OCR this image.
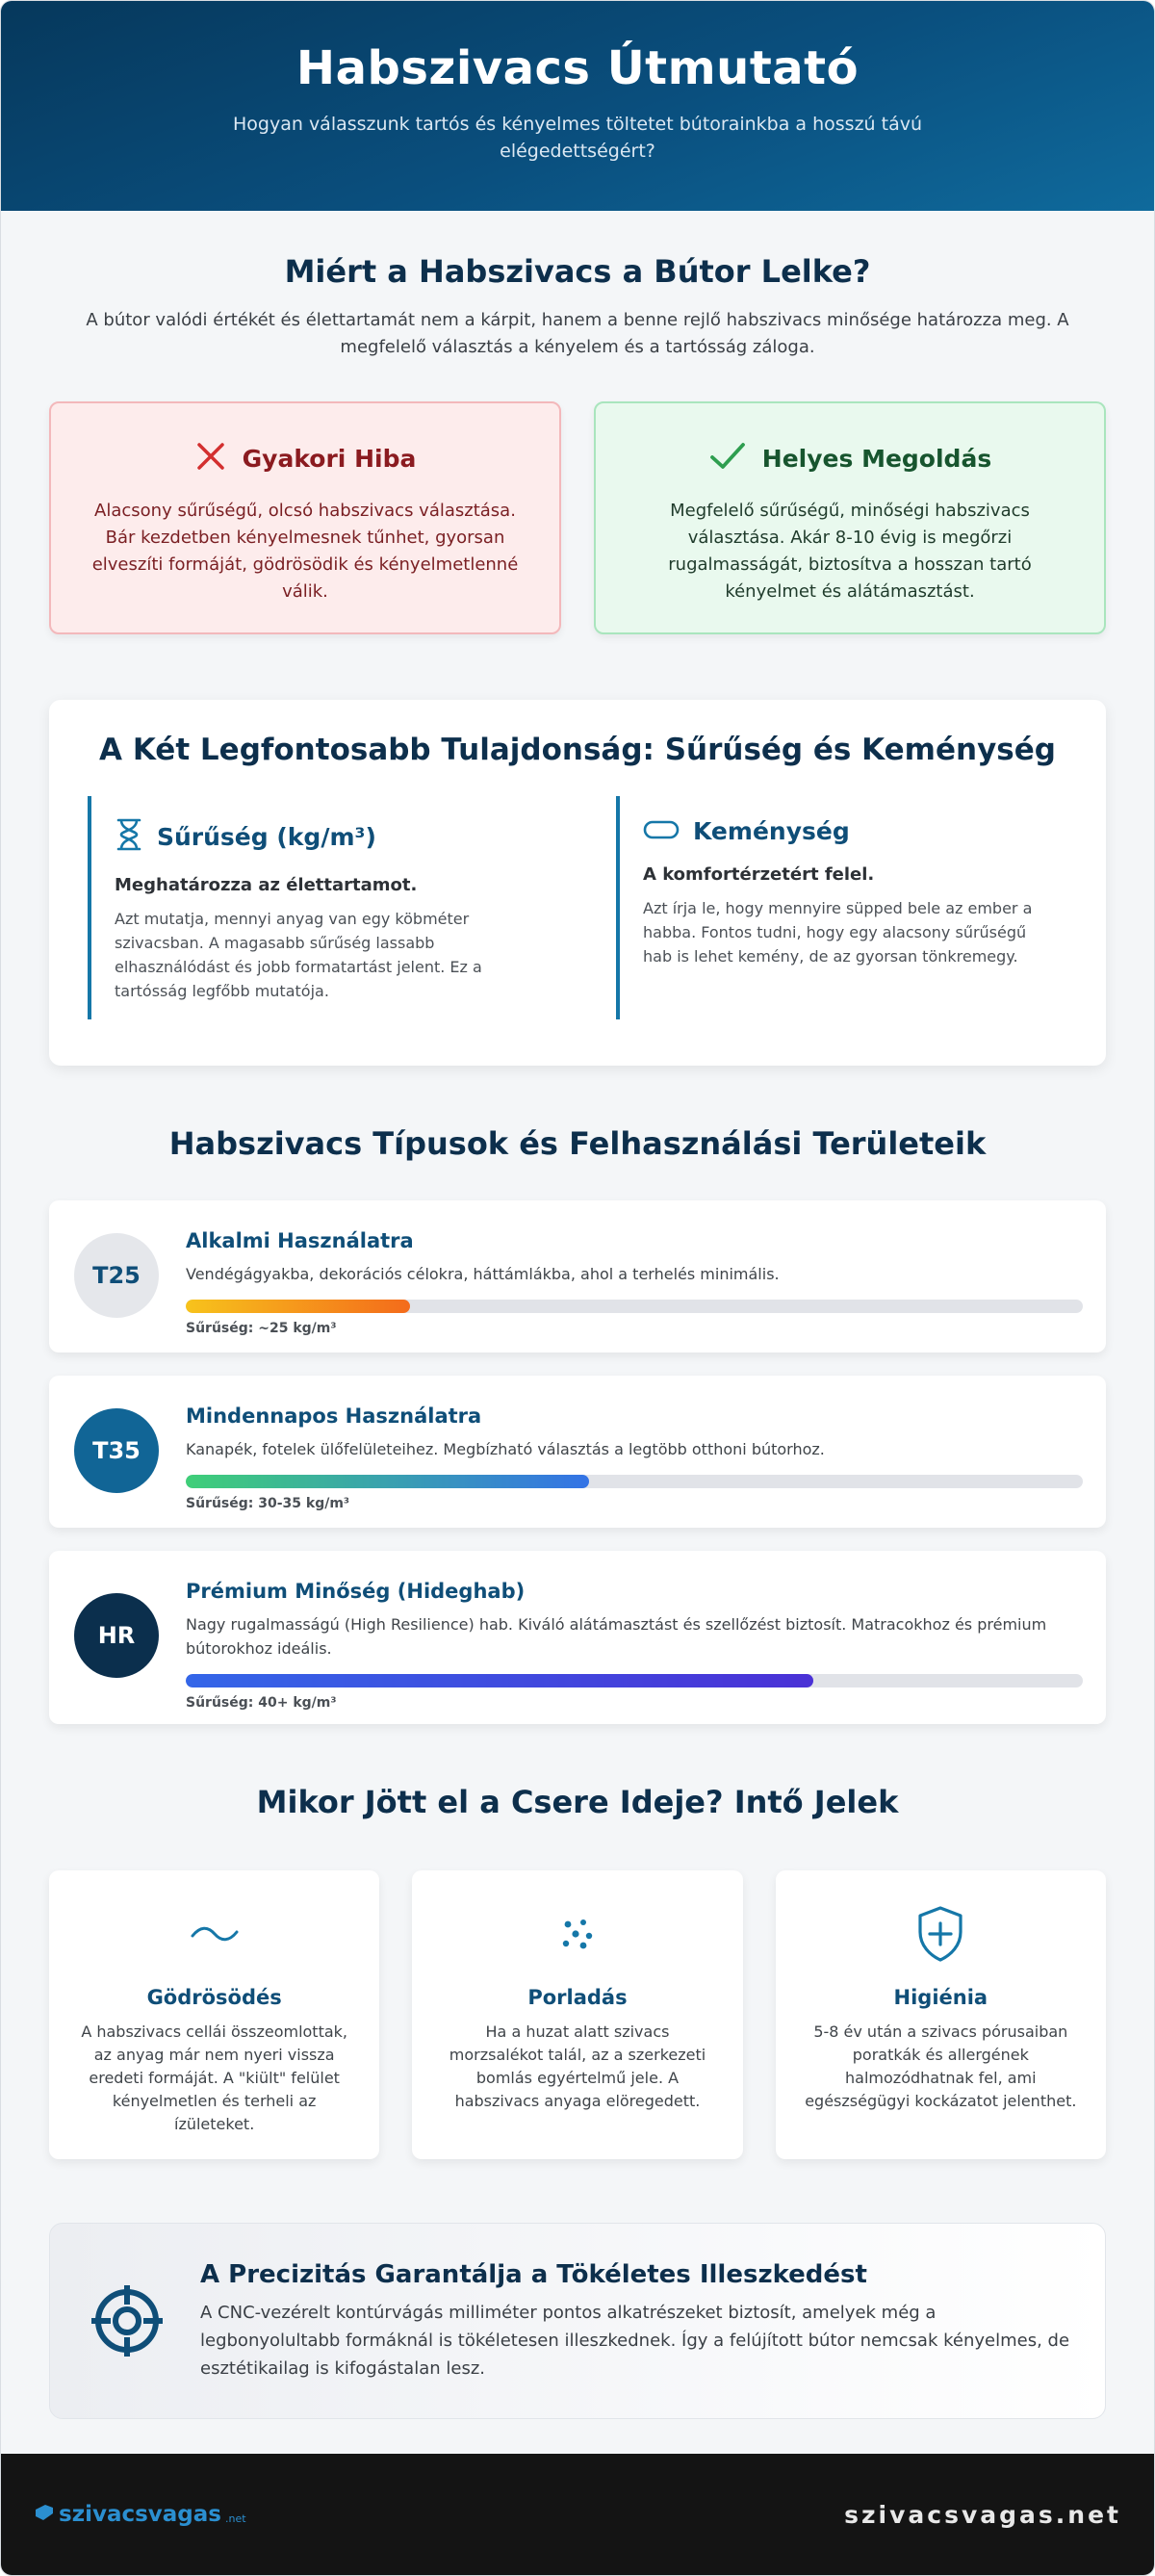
Habszivacs Útmutató

Hogyan válasszunk tartós és kényelmes töltetet bútorainkba a hosszú távú elégedettségért?

Miért a Habszivacs a Bútor Lelke?

A bútor valódi értékét és élettartamát nem a kárpit, hanem a benne rejlő habszivacs minősége határozza meg. A megfelelő választás a kényelem és a tartósság záloga.

Gyakori Hiba

Alacsony sűrűségű, olcsó habszivacs választása. Bár kezdetben kényelmesnek tűnhet, gyorsan elveszíti formáját, gödrösödik és kényelmetlenné válik.

Helyes Megoldás

Megfelelő sűrűségű, minőségi habszivacs választása. Akár 8-10 évig is megőrzi rugalmasságát, biztosítva a hosszan tartó kényelmet és alátámasztást.

A Két Legfontosabb Tulajdonság: Sűrűség és Keménység
Sűrűség (kg/m³)
Meghatározza az élettartamot.

Azt mutatja, mennyi anyag van egy köbméter szivacsban. A magasabb sűrűség lassabb elhasználódást és jobb formatartást jelent. Ez a tartósság legfőbb mutatója.

Keménység
A komfortérzetért felel.

Azt írja le, hogy mennyire süpped bele az ember a habba. Fontos tudni, hogy egy alacsony sűrűségű hab is lehet kemény, de az gyorsan tönkremegy.

Habszivacs Típusok és Felhasználási Területeik
T25
Alkalmi Használatra

Vendégágyakba, dekorációs célokra, háttámlákba, ahol a terhelés minimális.

Sűrűség: ~25 kg/m³
T35
Mindennapos Használatra

Kanapék, fotelek ülőfelületeihez. Megbízható választás a legtöbb otthoni bútorhoz.

Sűrűség: 30-35 kg/m³
HR
Prémium Minőség (Hideghab)

Nagy rugalmasságú (High Resilience) hab. Kiváló alátámasztást és szellőzést biztosít. Matracokhoz és prémium bútorokhoz ideális.

Sűrűség: 40+ kg/m³
Mikor Jött el a Csere Ideje? Intő Jelek
Gödrösödés

A habszivacs cellái összeomlottak, az anyag már nem nyeri vissza eredeti formáját. A "kiült" felület kényelmetlen és terheli az ízületeket.

Porladás

Ha a huzat alatt szivacs morzsalékot talál, az a szerkezeti bomlás egyértelmű jele. A habszivacs anyaga elöregedett.

Higiénia

5-8 év után a szivacs pórusaiban poratkák és allergének halmozódhatnak fel, ami egészségügyi kockázatot jelenthet.

A Precizitás Garantálja a Tökéletes Illeszkedést

A CNC-vezérelt kontúrvágás milliméter pontos alkatrészeket biztosít, amelyek még a legbonyolultabb formáknál is tökéletesen illeszkednek. Így a felújított bútor nemcsak kényelmes, de esztétikailag is kifogástalan lesz.

szivacsvagas .net	szivacsvagas.net
